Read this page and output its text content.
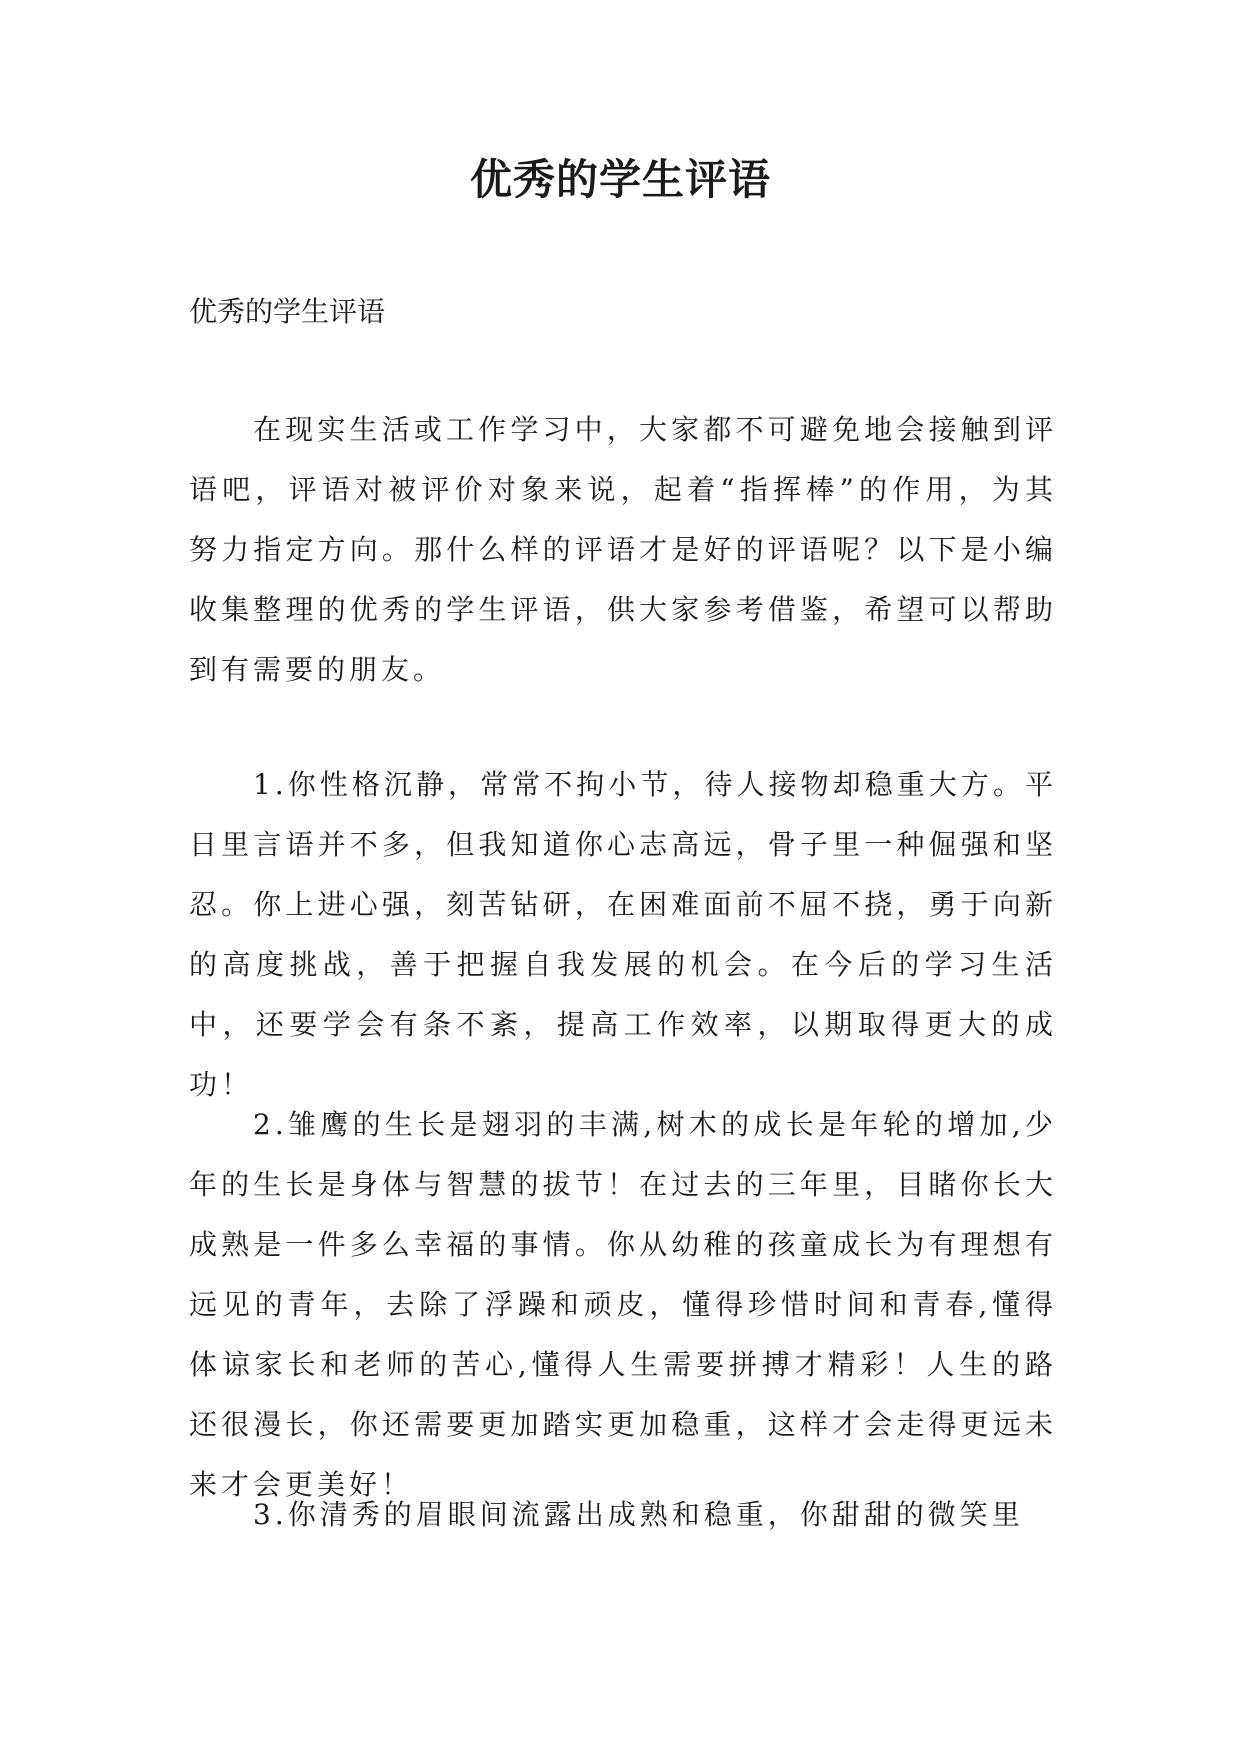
优秀的学生评语

优秀的学生评语

在现实生活或工作学习中，大家都不可避免地会接触到评语吧，评语对被评价对象来说，起着“指挥棒”的作用，为其努力指定方向。那什么样的评语才是好的评语呢？以下是小编收集整理的优秀的学生评语，供大家参考借鉴，希望可以帮助到有需要的朋友。

1.你性格沉静，常常不拘小节，待人接物却稳重大方。平日里言语并不多，但我知道你心志高远，骨子里一种倔强和坚忍。你上进心强，刻苦钻研，在困难面前不屈不挠，勇于向新的高度挑战，善于把握自我发展的机会。在今后的学习生活中，还要学会有条不紊，提高工作效率，以期取得更大的成功！

2.雏鹰的生长是翅羽的丰满,树木的成长是年轮的增加,少年的生长是身体与智慧的拔节！在过去的三年里，目睹你长大成熟是一件多么幸福的事情。你从幼稚的孩童成长为有理想有远见的青年，去除了浮躁和顽皮，懂得珍惜时间和青春,懂得体谅家长和老师的苦心,懂得人生需要拼搏才精彩！人生的路还很漫长，你还需要更加踏实更加稳重，这样才会走得更远未来才会更美好！

3.你清秀的眉眼间流露出成熟和稳重，你甜甜的微笑里
